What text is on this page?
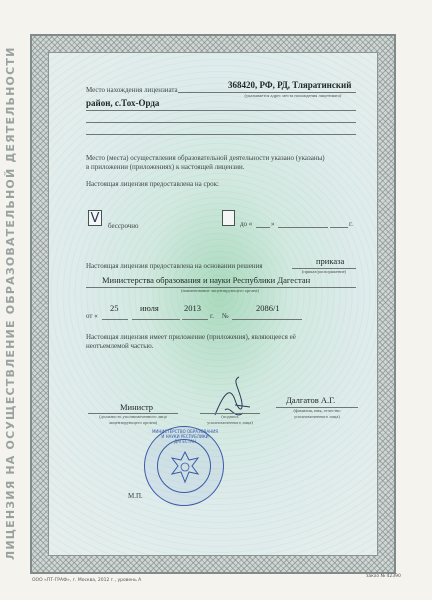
ЛИЦЕНЗИЯ НА ОСУЩЕСТВЛЕНИЕ ОБРАЗОВАТЕЛЬНОЙ ДЕЯТЕЛЬНОСТИ	Место нахождения лицензиата	368420, РФ, РД, Тляратинский
(указывается адрес места нахождения лицензиата)
район, с.Тох-Орда
Место (места) осуществления образовательной деятельности указано (указаны)
в приложении (приложениях) к настоящей лицензии.
Настоящая лицензия предоставлена на срок:
V бессрочно	до «	»	г.
Настоящая лицензия предоставлена на основании решения	приказа
(приказ/распоряжение)
Министерства образования и науки Республики Дагестан
(наименование лицензирующего органа)
25	июля	2013	2086/1
от «	г. №
Настоящая лицензия имеет приложение (приложения), являющееся её
неотъемлемой частью.
Министр
(должность уполномоченного лица
лицензирующего органа)
(подпись
уполномоченного лица)
Далгатов А.Г.
(фамилия, имя, отчество
уполномоченного лица)
МИНИСТЕРСТВО ОБРАЗОВАНИЯ И НАУКИ РЕСПУБЛИКИ ДАГЕСТАН
М.П.
ООО «ПТ-ГРАФ», г. Москва, 2012 г., уровень А
заказ № 42390
